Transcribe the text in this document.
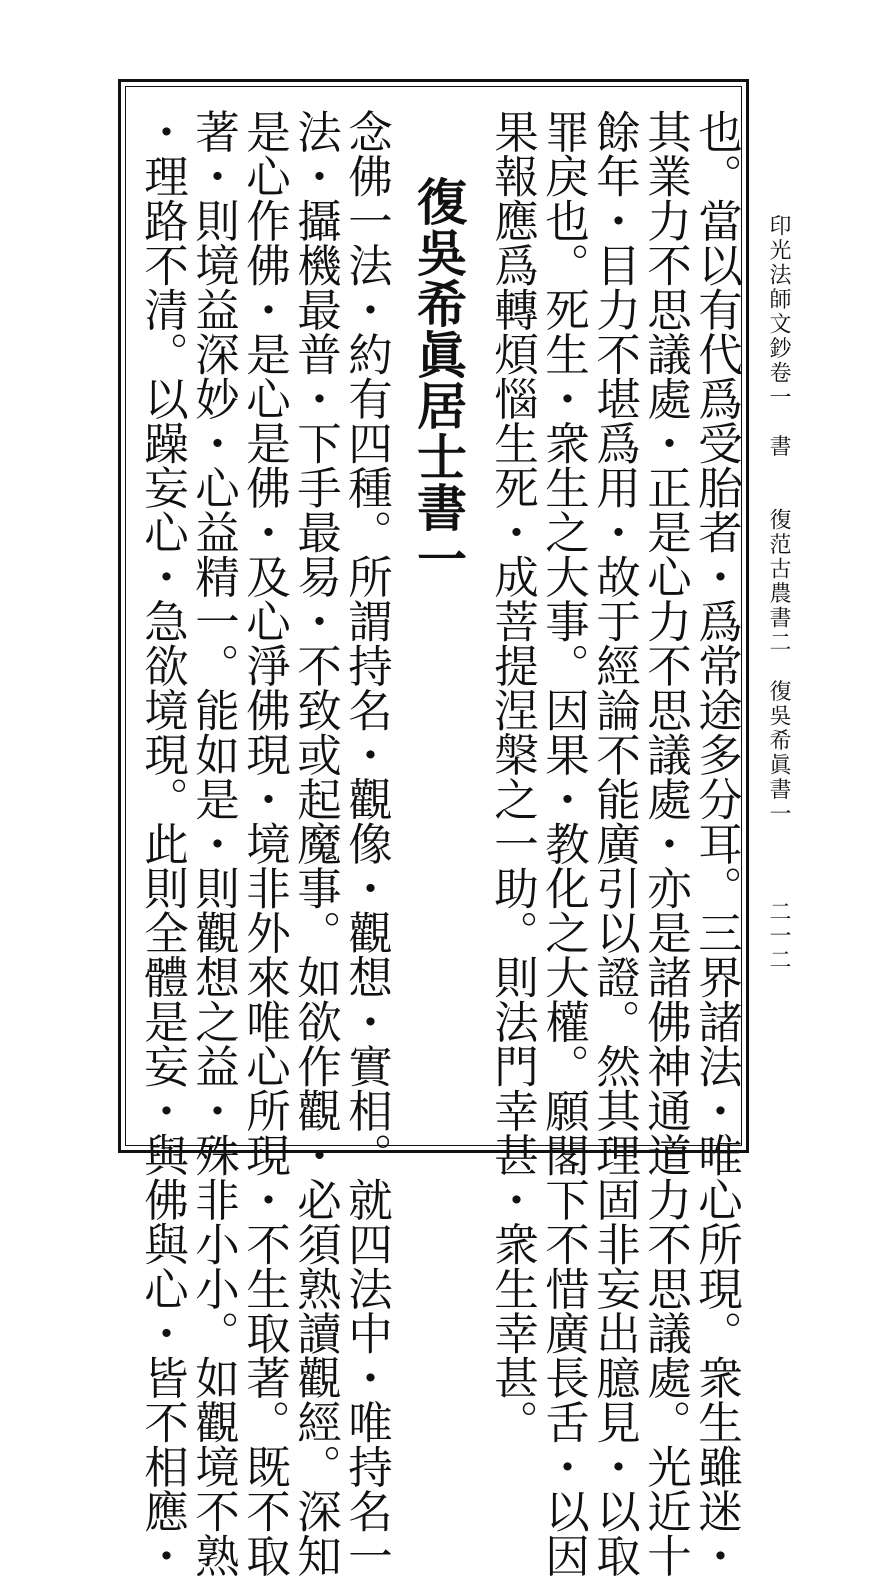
印光法師文鈔卷一　書　　復范古農書二　復吳希眞書一
二一二
也。當以有代爲受胎者・爲常途多分耳。三界諸法・唯心所現。衆生雖迷・
其業力不思議處・正是心力不思議處・亦是諸佛神通道力不思議處。光近十
餘年・目力不堪爲用・故于經論不能廣引以證。然其理固非妄出臆見・以取
罪戾也。死生・衆生之大事。因果・教化之大權。願閣下不惜廣長舌・以因
果報應爲轉煩惱生死・成菩提涅槃之一助。則法門幸甚・衆生幸甚。
復吳希眞居士書一
念佛一法・約有四種。所謂持名・觀像・觀想・實相。就四法中・唯持名一
法・攝機最普・下手最易・不致或起魔事。如欲作觀・必須熟讀觀經。深知
是心作佛・是心是佛・及心淨佛現・境非外來唯心所現・不生取著。既不取
著・則境益深妙・心益精一。能如是・則觀想之益・殊非小小。如觀境不熟
・理路不清。以躁妄心・急欲境現。此則全體是妄・與佛與心・皆不相應・
